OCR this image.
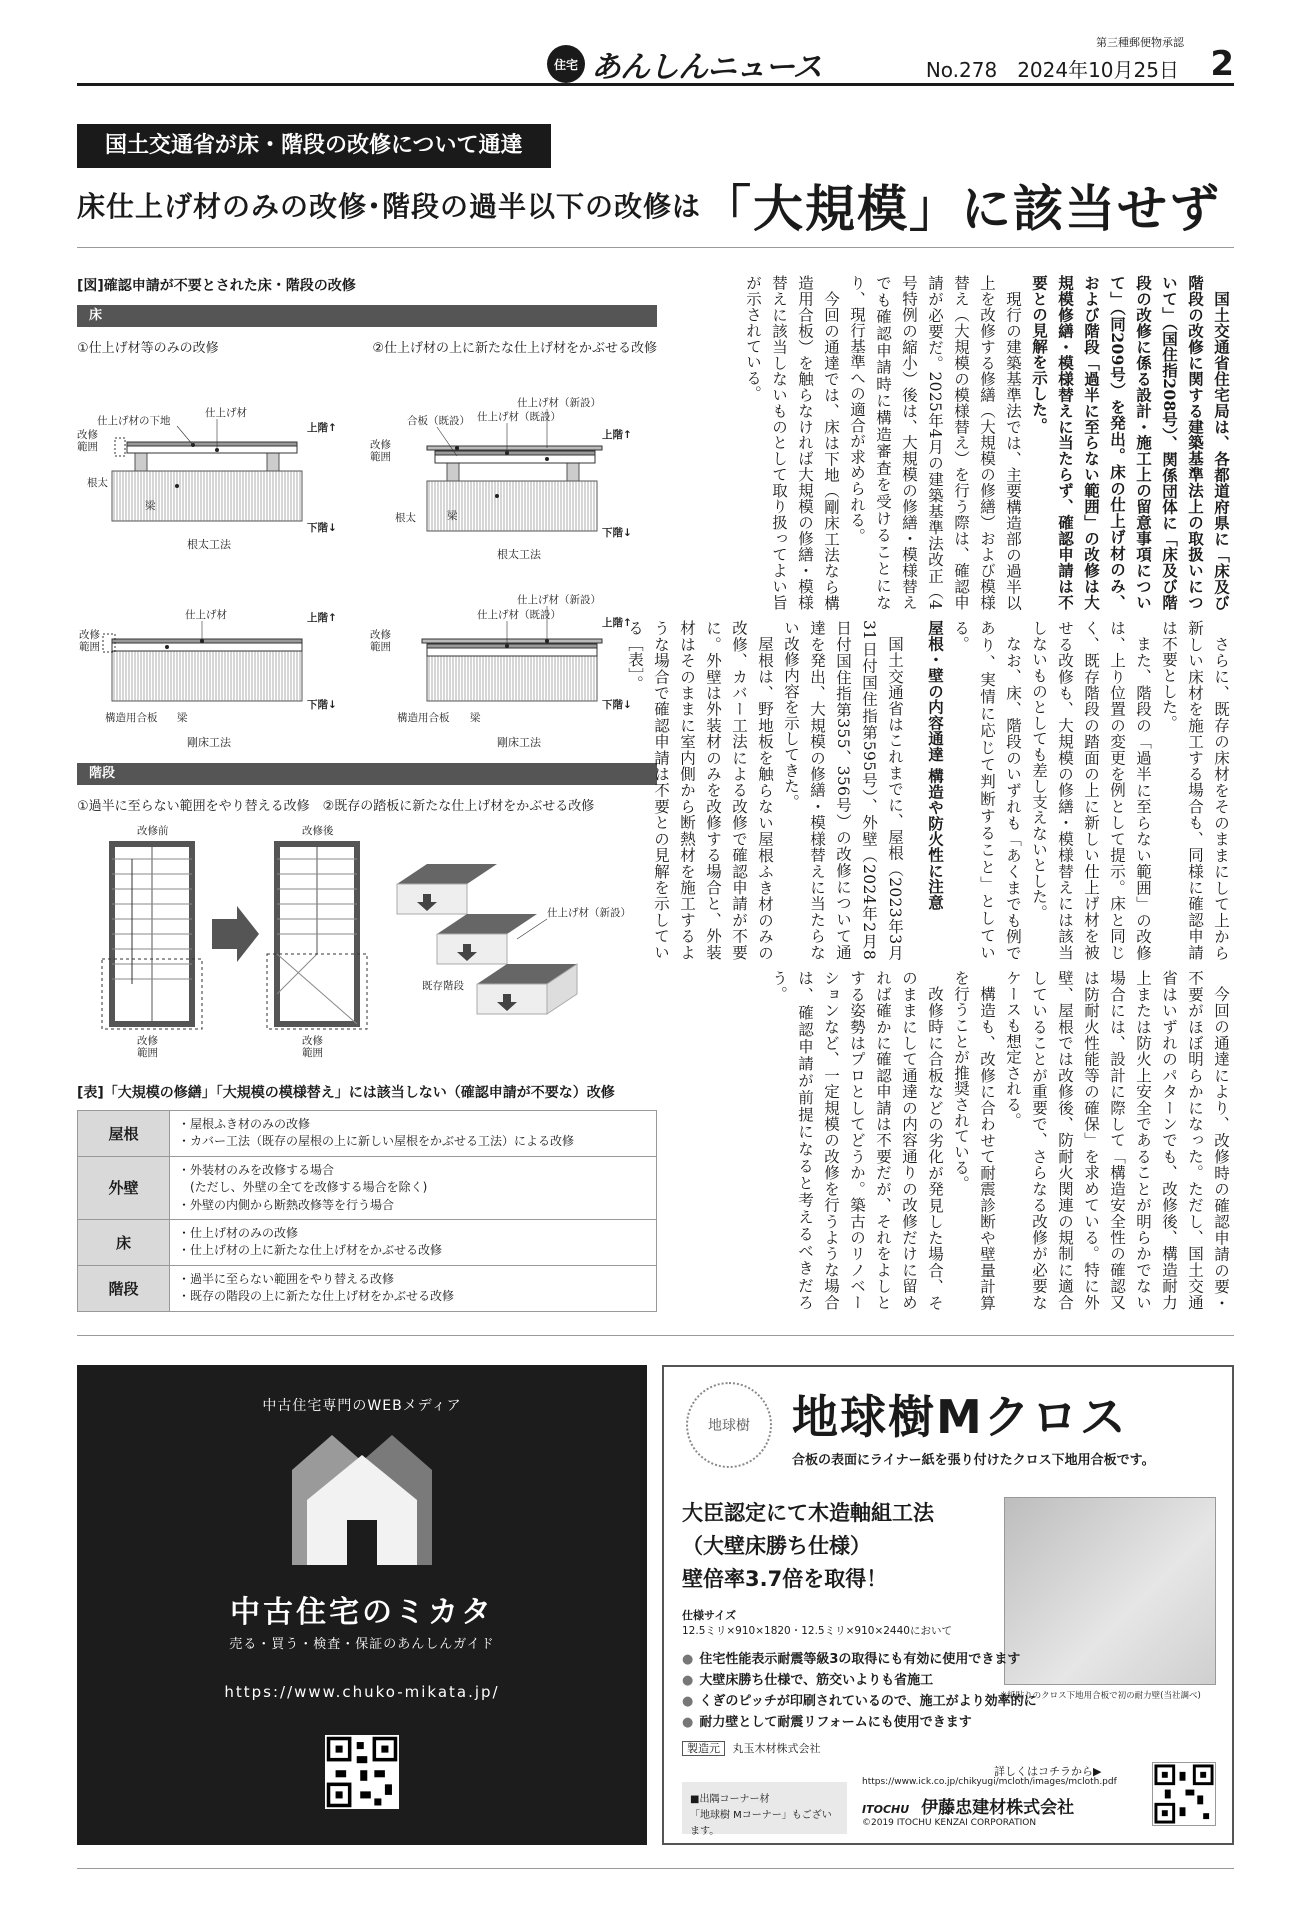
住宅 あんしんニュース
第三種郵便物承認
No.278　2024年10月25日 2
国土交通省が床・階段の改修について通達
床仕上げ材のみの改修･階段の過半以下の改修は 「大規模」に該当せず
[図]確認申請が不要とされた床・階段の改修
床
①仕上げ材等のみの改修	②仕上げ材の上に新たな仕上げ材をかぶせる改修
仕上げ材
仕上げ材の下地
改修
範囲
上階↑
下階↓
根太
梁
根太工法
仕上げ材（新設）
仕上げ材（既設）
合板（既設）
改修
範囲
上階↑
下階↓
根太	梁
根太工法
仕上げ材
改修
範囲
上階↑
下階↓
構造用合板 梁
剛床工法
仕上げ材（新設）
仕上げ材（既設）
改修
範囲
上階↑
下階↓
構造用合板 梁
剛床工法
階段
①過半に至らない範囲をやり替える改修　②既存の踏板に新たな仕上げ材をかぶせる改修
改修前
改修
範囲
改修後
改修
範囲
仕上げ材（新設）
既存階段
[表]「大規模の修繕」「大規模の模様替え」には該当しない（確認申請が不要な）改修
屋根	・屋根ふき材のみの改修
・カバー工法（既存の屋根の上に新しい屋根をかぶせる工法）による改修

外壁	・外装材のみを改修する場合
　(ただし、外壁の全てを改修する場合を除く)
・外壁の内側から断熱改修等を行う場合

床	・仕上げ材のみの改修
・仕上げ材の上に新たな仕上げ材をかぶせる改修

階段	・過半に至らない範囲をやり替える改修
・既存の階段の上に新たな仕上げ材をかぶせる改修

国土交通省住宅局は、各都道府県に「床及び階段の改修に関する建築基準法上の取扱いについて」（国住指208号）、関係団体に「床及び階段の改修に係る設計・施工上の留意事項について」（同209号）を発出。床の仕上げ材のみ、および階段「過半に至らない範囲」の改修は大規模修繕・模様替えに当たらず、確認申請は不要との見解を示した。

現行の建築基準法では、主要構造部の過半以上を改修する修繕（大規模の修繕）および模様替え（大規模の模様替え）を行う際は、確認申請が必要だ。2025年4月の建築基準法改正（4号特例の縮小）後は、大規模の修繕・模様替えでも確認申請時に構造審査を受けることになり、現行基準への適合が求められる。

今回の通達では、床は下地（剛床工法なら構造用合板）を触らなければ大規模の修繕・模様替えに該当しないものとして取り扱ってよい旨が示されている。

さらに、既存の床材をそのままにして上から新しい床材を施工する場合も、同様に確認申請は不要とした。

また、階段の「過半に至らない範囲」の改修は、上り位置の変更を例として提示。床と同じく、既存階段の踏面の上に新しい仕上げ材を被せる改修も、大規模の修繕・模様替えには該当しないものとしても差し支えないとした。

なお、床、階段のいずれも「あくまでも例であり、実情に応じて判断すること」としている。

屋根・壁の内容通達 構造や防火性に注意

国土交通省はこれまでに、屋根（2023年3月31日付国住指第595号）、外壁（2024年2月8日付国住指第355、356号）の改修について通達を発出、大規模の修繕・模様替えに当たらない改修内容を示してきた。

屋根は、野地板を触らない屋根ふき材のみの改修、カバー工法による改修で確認申請が不要に。外壁は外装材のみを改修する場合と、外装材はそのままに室内側から断熱材を施工するような場合で確認申請は不要との見解を示している［表］。

今回の通達により、改修時の確認申請の要・不要がほぼ明らかになった。ただし、国土交通省はいずれのパターンでも、改修後、構造耐力上または防火上安全であることが明らかでない場合には、設計に際して「構造安全性の確認又は防耐火性能等の確保」を求めている。特に外壁、屋根では改修後、防耐火関連の規制に適合していることが重要で、さらなる改修が必要なケースも想定される。

構造も、改修に合わせて耐震診断や壁量計算を行うことが推奨されている。

改修時に合板などの劣化が発見した場合、そのままにして通達の内容通りの改修だけに留めれば確かに確認申請は不要だが、それをよしとする姿勢はプロとしてどうか。築古のリノベーションなど、一定規模の改修を行うような場合は、確認申請が前提になると考えるべきだろう。

中古住宅専門のWEBメディア
中古住宅のミカタ
売る・買う・検査・保証のあんしんガイド
https://www.chuko-mikata.jp/
地球樹 地球樹Mクロス
合板の表面にライナー紙を張り付けたクロス下地用合板です。
大臣認定にて木造軸組工法
（大壁床勝ち仕様）
壁倍率3.7倍を取得！
※紙貼りのクロス下地用合板で初の耐力壁(当社調べ)
仕様サイズ
12.5ミリ×910×1820・12.5ミリ×910×2440において
● 住宅性能表示耐震等級3の取得にも有効に使用できます
● 大壁床勝ち仕様で、筋交いよりも省施工
● くぎのピッチが印刷されているので、施工がより効率的に
● 耐力壁として耐震リフォームにも使用できます
製造元 丸玉木材株式会社
詳しくはコチラから▶
■出隅コーナー材
「地球樹 Mコーナー」もございます。
https://www.ick.co.jp/chikyugi/mcloth/images/mcloth.pdf
ITOCHU 伊藤忠建材株式会社
©2019 ITOCHU KENZAI CORPORATION
